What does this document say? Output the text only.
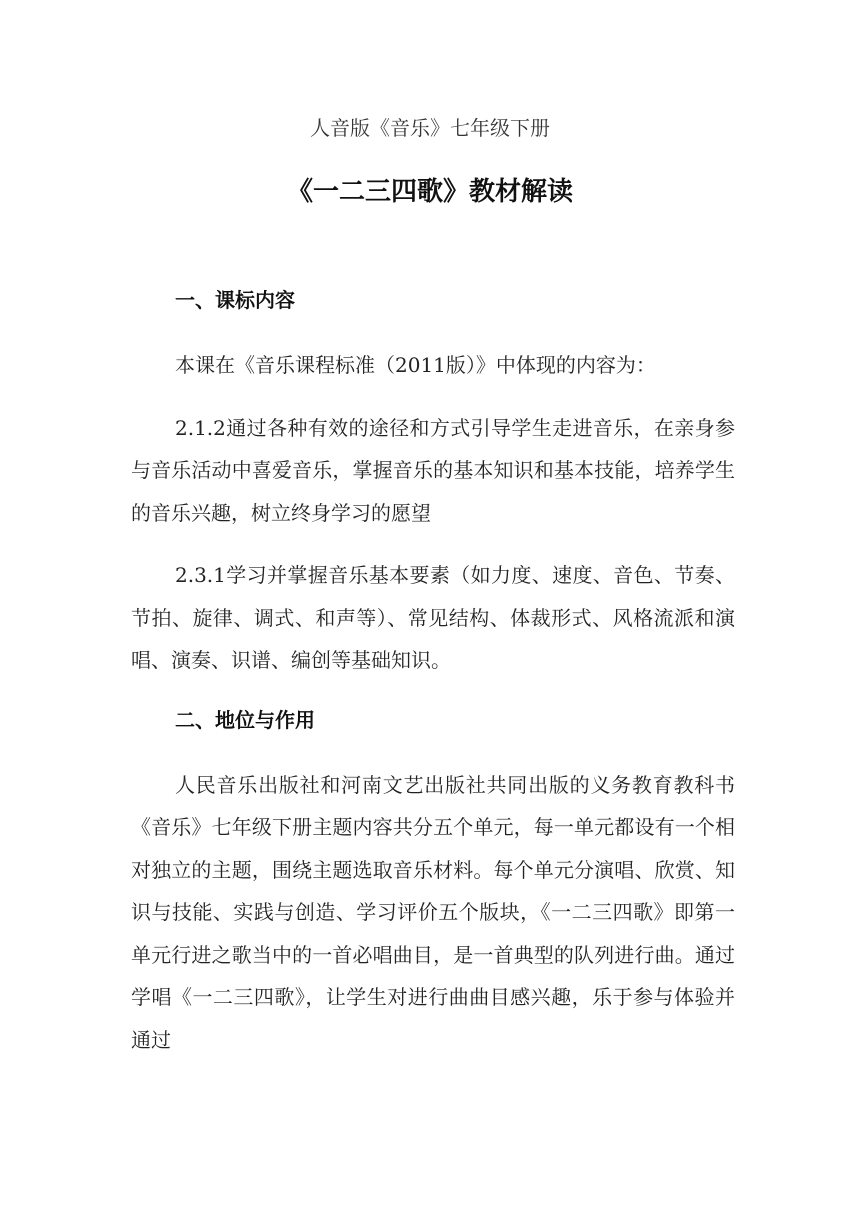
人音版《音乐》七年级下册
《一二三四歌》教材解读
一、课标内容

本课在《音乐课程标准（2011版）》中体现的内容为：

2.1.2通过各种有效的途径和方式引导学生走进音乐，在亲身参与音乐活动中喜爱音乐，掌握音乐的基本知识和基本技能，培养学生的音乐兴趣，树立终身学习的愿望

2.3.1学习并掌握音乐基本要素（如力度、速度、音色、节奏、节拍、旋律、调式、和声等）、常见结构、体裁形式、风格流派和演唱、演奏、识谱、编创等基础知识。

二、地位与作用

人民音乐出版社和河南文艺出版社共同出版的义务教育教科书《音乐》七年级下册主题内容共分五个单元，每一单元都设有一个相对独立的主题，围绕主题选取音乐材料。每个单元分演唱、欣赏、知识与技能、实践与创造、学习评价五个版块，《一二三四歌》即第一单元行进之歌当中的一首必唱曲目，是一首典型的队列进行曲。通过学唱《一二三四歌》，让学生对进行曲曲目感兴趣，乐于参与体验并通过
